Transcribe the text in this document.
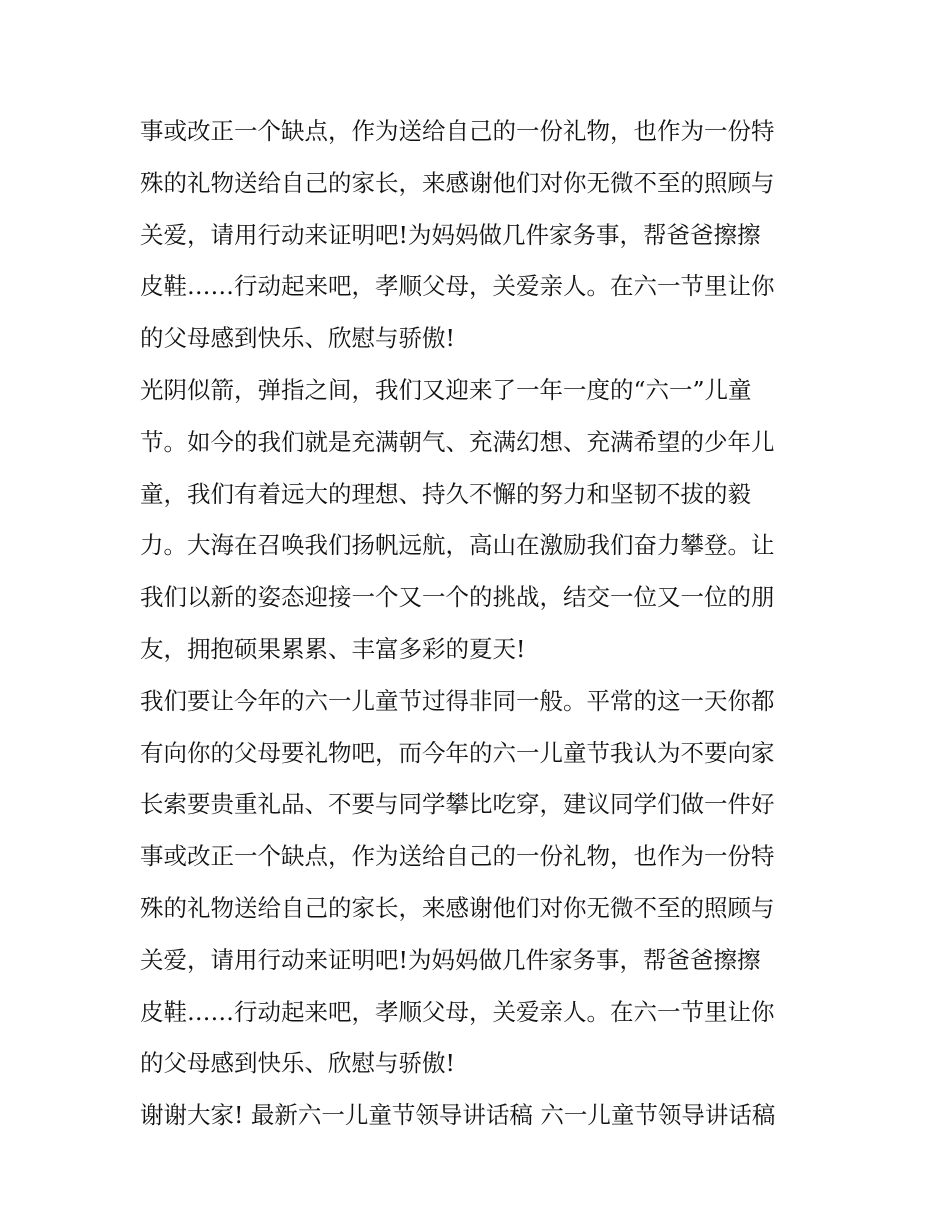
事或改正一个缺点，作为送给自己的一份礼物，也作为一份特
殊的礼物送给自己的家长，来感谢他们对你无微不至的照顾与
关爱，请用行动来证明吧!为妈妈做几件家务事，帮爸爸擦擦
皮鞋……行动起来吧，孝顺父母，关爱亲人。在六一节里让你
的父母感到快乐、欣慰与骄傲!
光阴似箭，弹指之间，我们又迎来了一年一度的“六一”儿童
节。如今的我们就是充满朝气、充满幻想、充满希望的少年儿
童，我们有着远大的理想、持久不懈的努力和坚韧不拔的毅
力。大海在召唤我们扬帆远航，高山在激励我们奋力攀登。让
我们以新的姿态迎接一个又一个的挑战，结交一位又一位的朋
友，拥抱硕果累累、丰富多彩的夏天!
我们要让今年的六一儿童节过得非同一般。平常的这一天你都
有向你的父母要礼物吧，而今年的六一儿童节我认为不要向家
长索要贵重礼品、不要与同学攀比吃穿，建议同学们做一件好
事或改正一个缺点，作为送给自己的一份礼物，也作为一份特
殊的礼物送给自己的家长，来感谢他们对你无微不至的照顾与
关爱，请用行动来证明吧!为妈妈做几件家务事，帮爸爸擦擦
皮鞋……行动起来吧，孝顺父母，关爱亲人。在六一节里让你
的父母感到快乐、欣慰与骄傲!
谢谢大家! 最新六一儿童节领导讲话稿 六一儿童节领导讲话稿
